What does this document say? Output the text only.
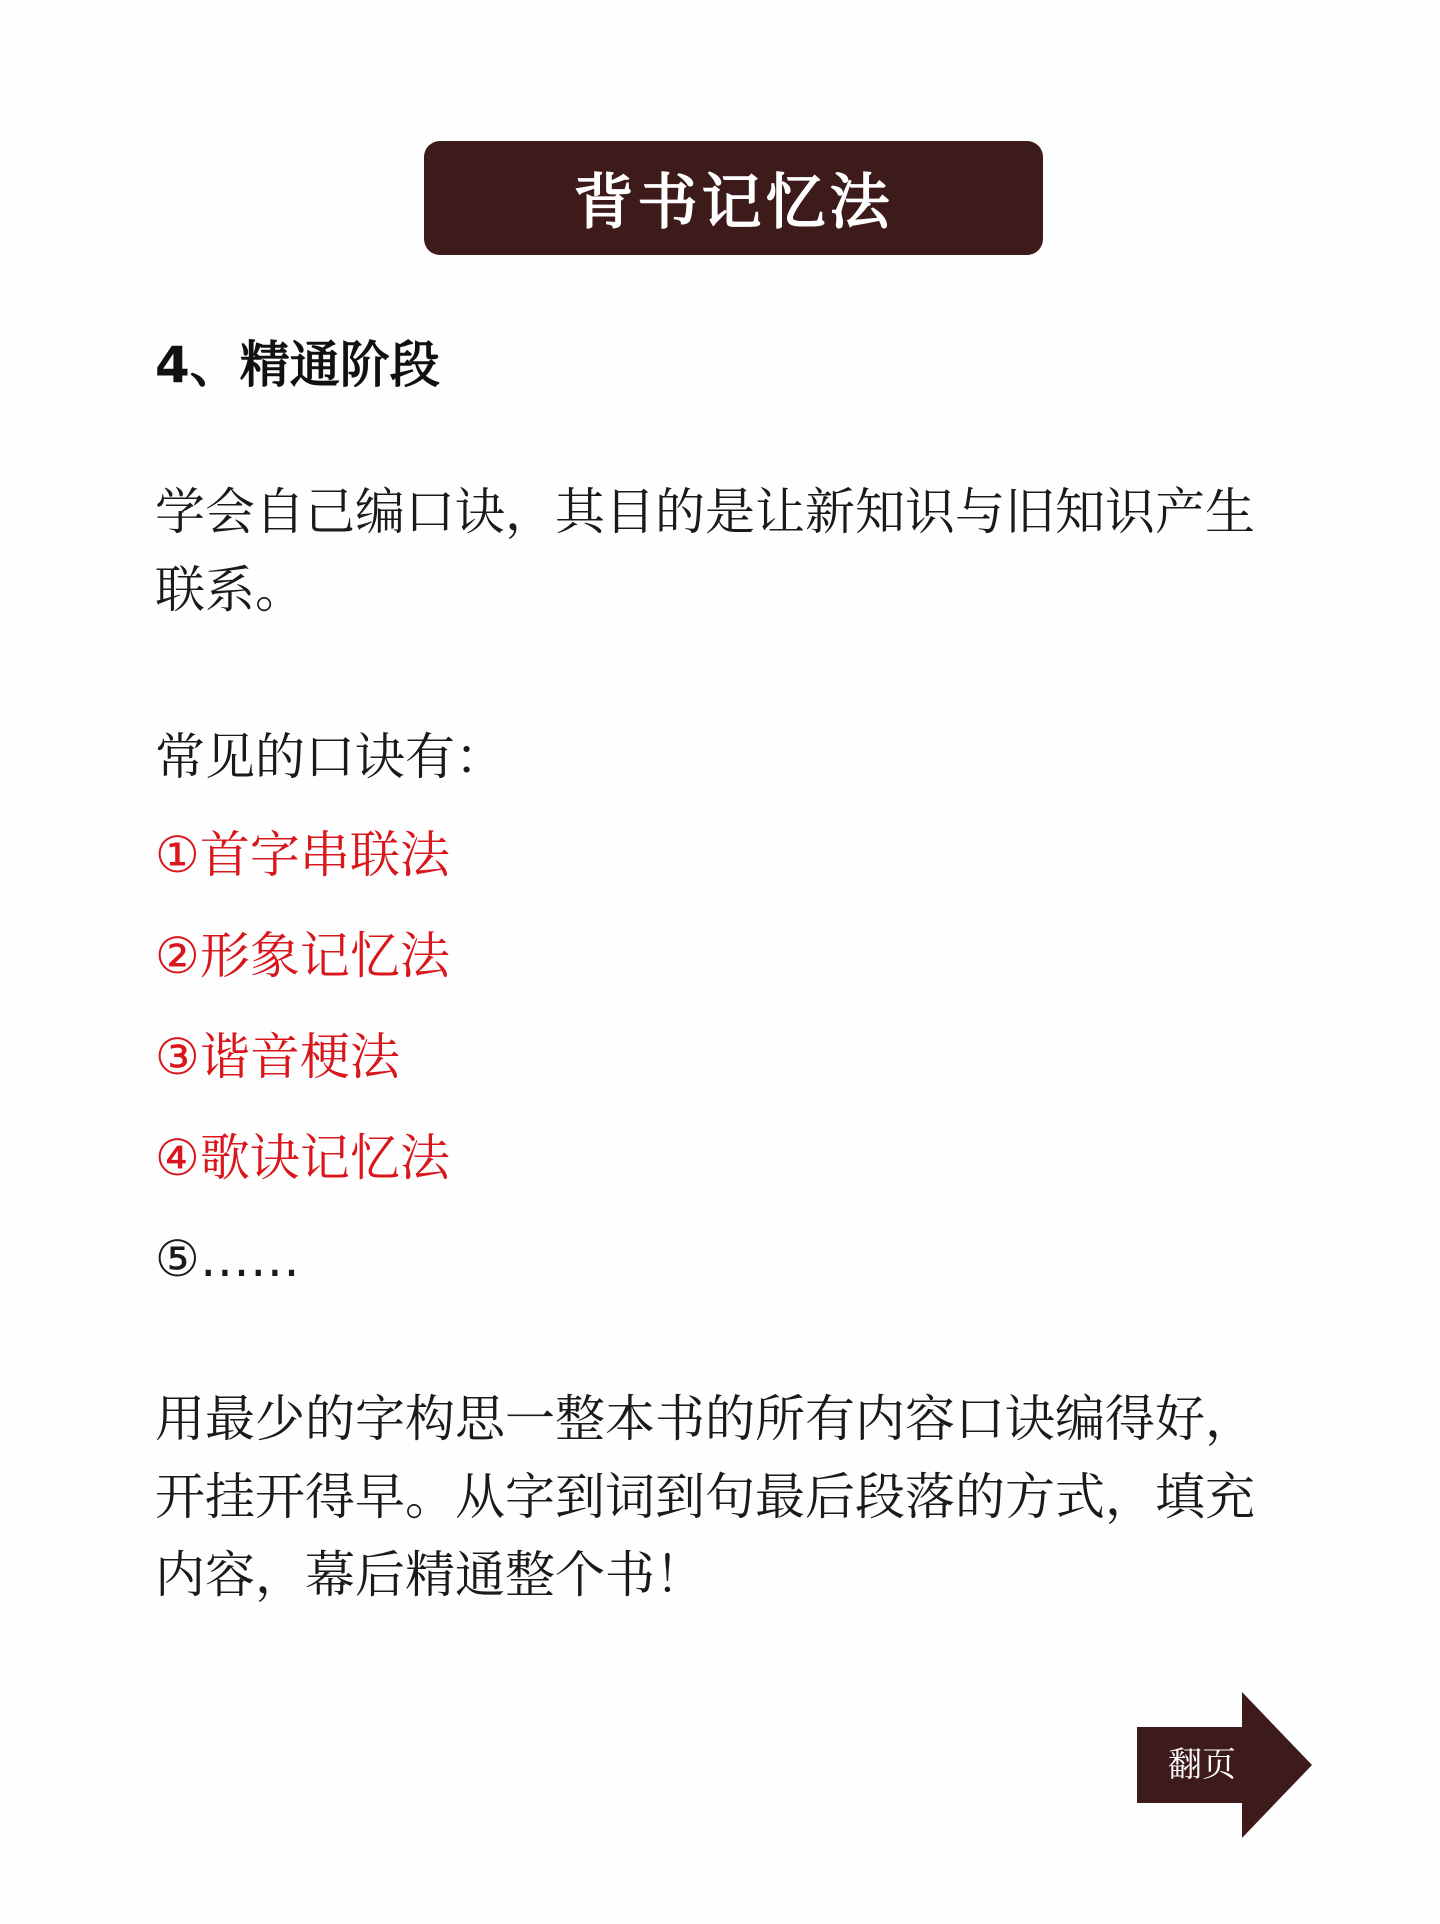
背书记忆法
4、精通阶段

学会自己编口诀，其目的是让新知识与旧知识产生联系。

常见的口诀有：

①首字串联法
②形象记忆法
③谐音梗法
④歌诀记忆法
⑤……

用最少的字构思一整本书的所有内容口诀编得好，开挂开得早。从字到词到句最后段落的方式，填充内容，幕后精通整个书！

翻页
